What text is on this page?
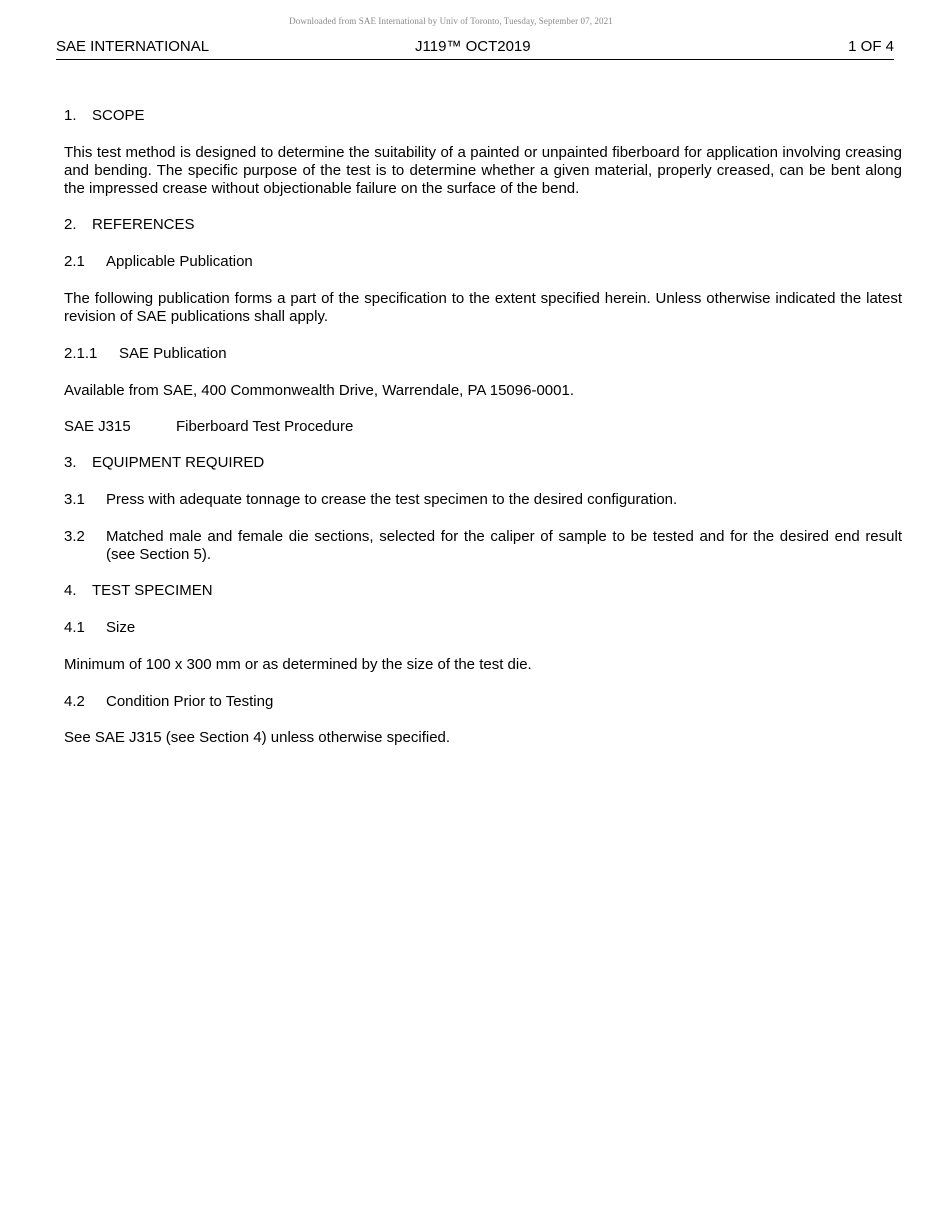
Downloaded from SAE International by Univ of Toronto, Tuesday, September 07, 2021
SAE INTERNATIONAL	J119™ OCT2019	1 OF 4
1.	SCOPE

This test method is designed to determine the suitability of a painted or unpainted fiberboard for application involving creasing and bending. The specific purpose of the test is to determine whether a given material, properly creased, can be bent along the impressed crease without objectionable failure on the surface of the bend.

2.	REFERENCES
2.1	Applicable Publication

The following publication forms a part of the specification to the extent specified herein. Unless otherwise indicated the latest revision of SAE publications shall apply.

2.1.1	SAE Publication

Available from SAE, 400 Commonwealth Drive, Warrendale, PA 15096-0001.

SAE J315	Fiberboard Test Procedure
3.	EQUIPMENT REQUIRED
3.1	Press with adequate tonnage to crease the test specimen to the desired configuration.
3.2	Matched male and female die sections, selected for the caliper of sample to be tested and for the desired end result (see Section 5).
4.	TEST SPECIMEN
4.1	Size

Minimum of 100 x 300 mm or as determined by the size of the test die.

4.2	Condition Prior to Testing

See SAE J315 (see Section 4) unless otherwise specified.
